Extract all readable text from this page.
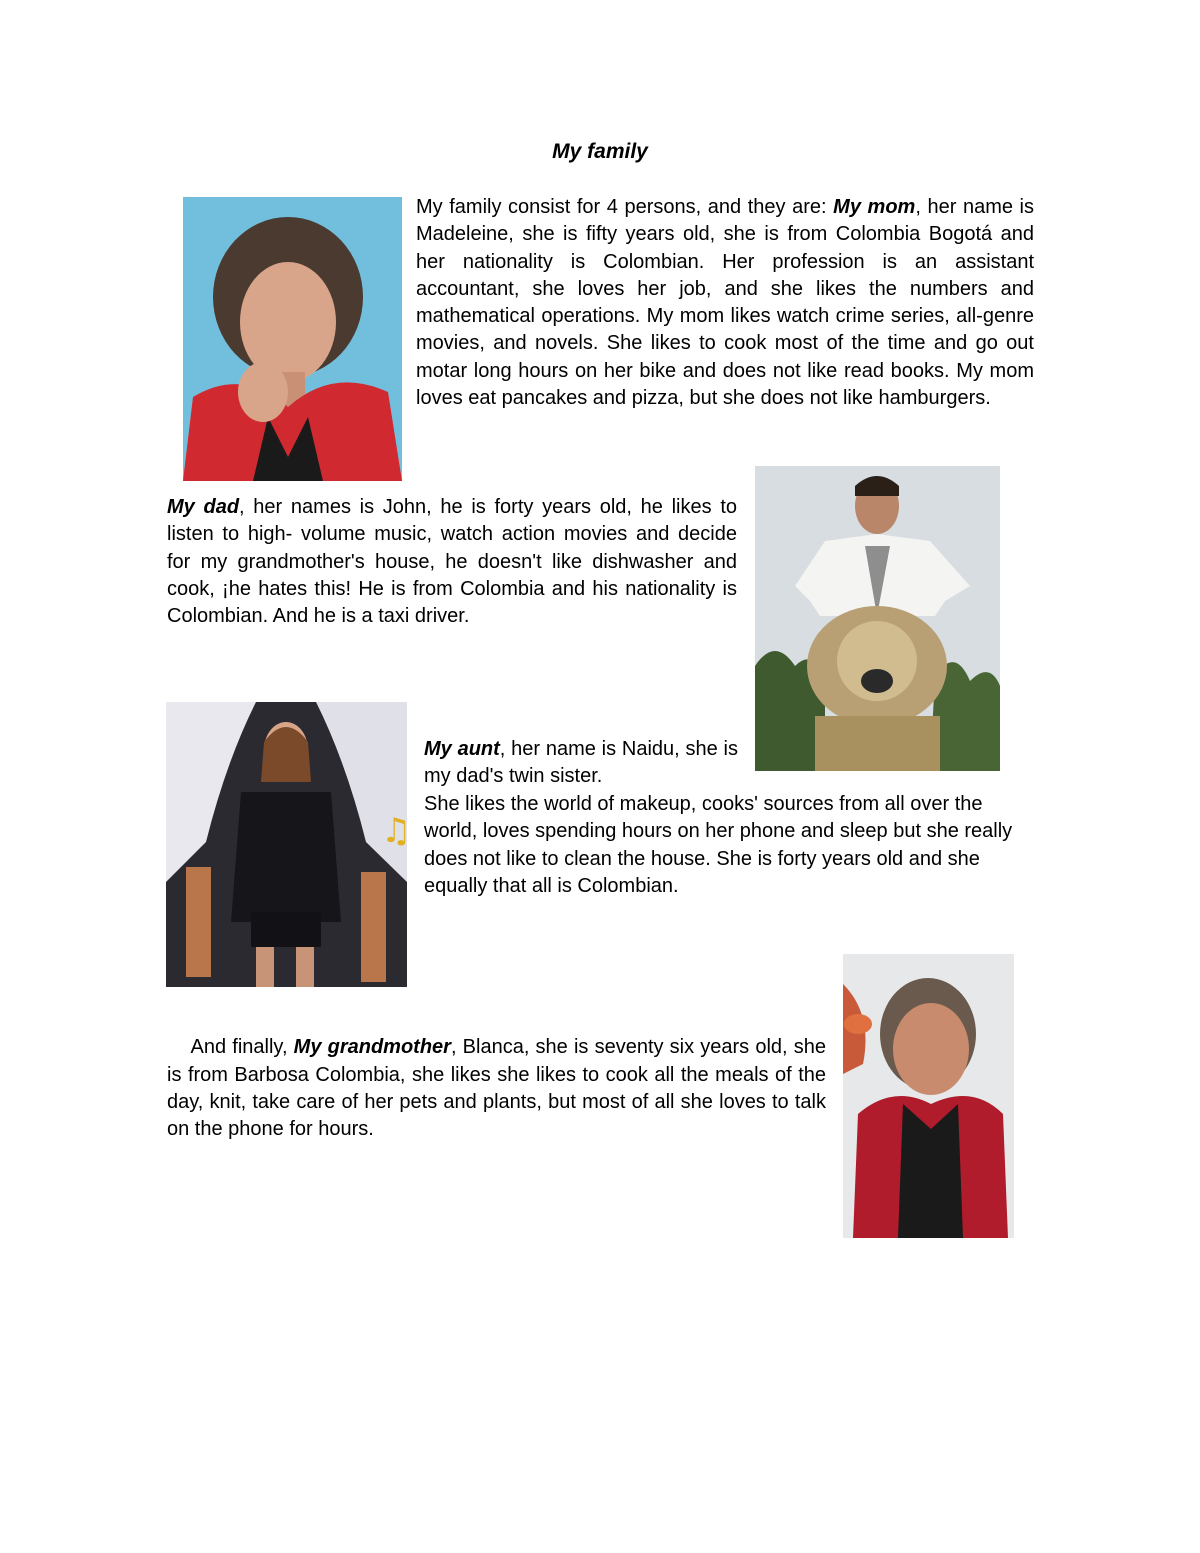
My family
My family consist for 4 persons, and they are: My mom, her name is Madeleine, she is fifty years old, she is from Colombia Bogotá and her nationality is Colombian. Her profession is an assistant accountant, she loves her job, and she likes the numbers and mathematical operations. My mom likes watch crime series, all-genre movies, and novels. She likes to cook most of the time and go out motar long hours on her bike and does not like read books. My mom loves eat pancakes and pizza, but she does not like hamburgers.
My dad, her names is John, he is forty years old, he likes to listen to high- volume music, watch action movies and decide for my grandmother's house, he doesn't like dishwasher and cook, ¡he hates this! He is from Colombia and his nationality is Colombian. And he is a taxi driver.
♫
My aunt, her name is Naidu, she is my dad's twin sister.
She likes the world of makeup, cooks' sources from all over the world, loves spending hours on her phone and sleep but she really does not like to clean the house. She is forty years old and she equally that all is Colombian.

And finally, My grandmother, Blanca, she is seventy six years old, she is from Barbosa Colombia, she likes she likes to cook all the meals of the day, knit, take care of her pets and plants, but most of all she loves to talk on the phone for hours.
